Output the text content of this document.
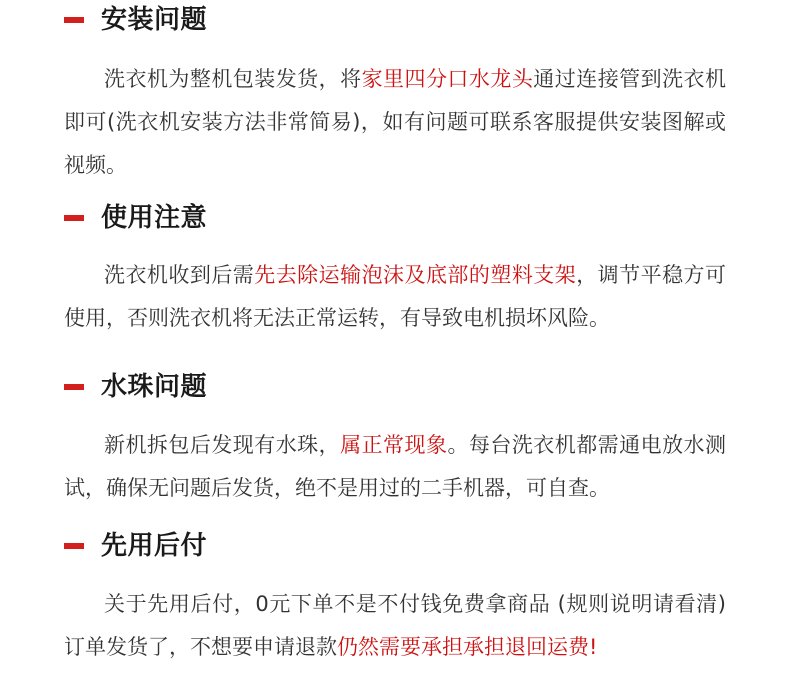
安装问题

洗衣机为整机包装发货，将家里四分口水龙头通过连接管到洗衣机即可(洗衣机安装方法非常简易)，如有问题可联系客服提供安装图解或视频。

使用注意

洗衣机收到后需先去除运输泡沫及底部的塑料支架，调节平稳方可使用，否则洗衣机将无法正常运转，有导致电机损坏风险。

水珠问题

新机拆包后发现有水珠，属正常现象。每台洗衣机都需通电放水测试，确保无问题后发货，绝不是用过的二手机器，可自查。

先用后付

关于先用后付，0元下单不是不付钱免费拿商品 (规则说明请看清)订单发货了，不想要申请退款仍然需要承担承担退回运费!
